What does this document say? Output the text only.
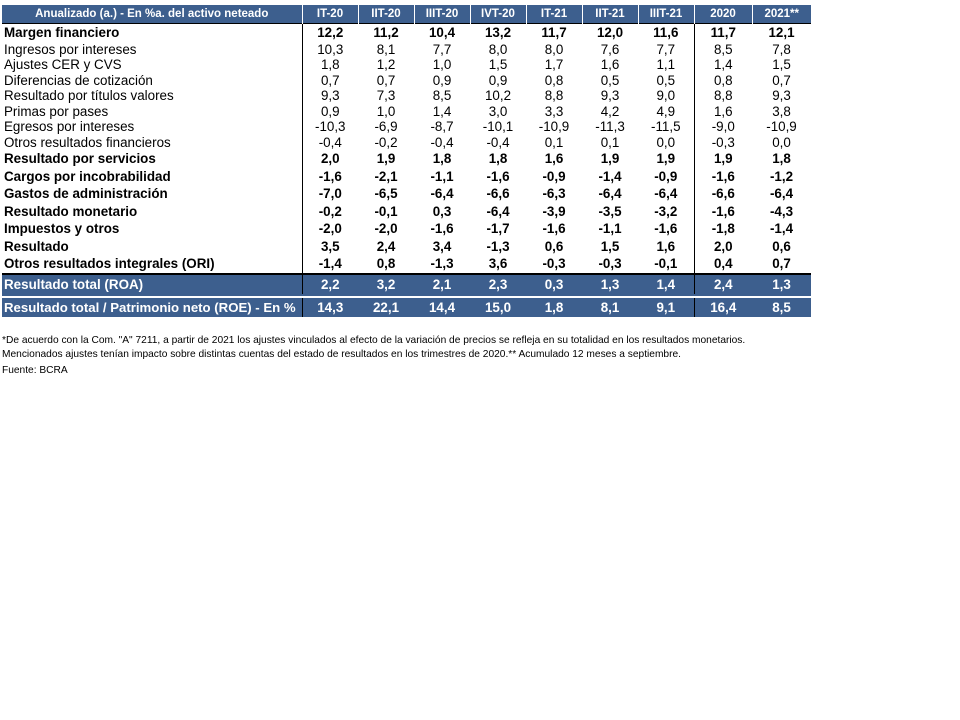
Anualizado (a.) - En %a. del activo neteado	IT-20	IIT-20	IIIT-20	IVT-20	IT-21	IIT-21	IIIT-21	2020	2021**
Margen financiero	12,2	11,2	10,4	13,2	11,7	12,0	11,6	11,7	12,1
Ingresos por intereses	10,3	8,1	7,7	8,0	8,0	7,6	7,7	8,5	7,8
Ajustes CER y CVS	1,8	1,2	1,0	1,5	1,7	1,6	1,1	1,4	1,5
Diferencias de cotización	0,7	0,7	0,9	0,9	0,8	0,5	0,5	0,8	0,7
Resultado por títulos valores	9,3	7,3	8,5	10,2	8,8	9,3	9,0	8,8	9,3
Primas por pases	0,9	1,0	1,4	3,0	3,3	4,2	4,9	1,6	3,8
Egresos por intereses	-10,3	-6,9	-8,7	-10,1	-10,9	-11,3	-11,5	-9,0	-10,9
Otros resultados financieros	-0,4	-0,2	-0,4	-0,4	0,1	0,1	0,0	-0,3	0,0
Resultado por servicios	2,0	1,9	1,8	1,8	1,6	1,9	1,9	1,9	1,8
Cargos por incobrabilidad	-1,6	-2,1	-1,1	-1,6	-0,9	-1,4	-0,9	-1,6	-1,2
Gastos de administración	-7,0	-6,5	-6,4	-6,6	-6,3	-6,4	-6,4	-6,6	-6,4
Resultado monetario	-0,2	-0,1	0,3	-6,4	-3,9	-3,5	-3,2	-1,6	-4,3
Impuestos y otros	-2,0	-2,0	-1,6	-1,7	-1,6	-1,1	-1,6	-1,8	-1,4
Resultado	3,5	2,4	3,4	-1,3	0,6	1,5	1,6	2,0	0,6
Otros resultados integrales (ORI)	-1,4	0,8	-1,3	3,6	-0,3	-0,3	-0,1	0,4	0,7
Resultado total (ROA)	2,2	3,2	2,1	2,3	0,3	1,3	1,4	2,4	1,3

Resultado total / Patrimonio neto (ROE) - En %	14,3	22,1	14,4	15,0	1,8	8,1	9,1	16,4	8,5

*De acuerdo con la Com. "A" 7211, a partir de 2021 los ajustes vinculados al efecto de la variación de precios se refleja en su totalidad en los resultados monetarios.

Mencionados ajustes tenían impacto sobre distintas cuentas del estado de resultados en los trimestres de 2020.** Acumulado 12 meses a septiembre.

Fuente: BCRA
